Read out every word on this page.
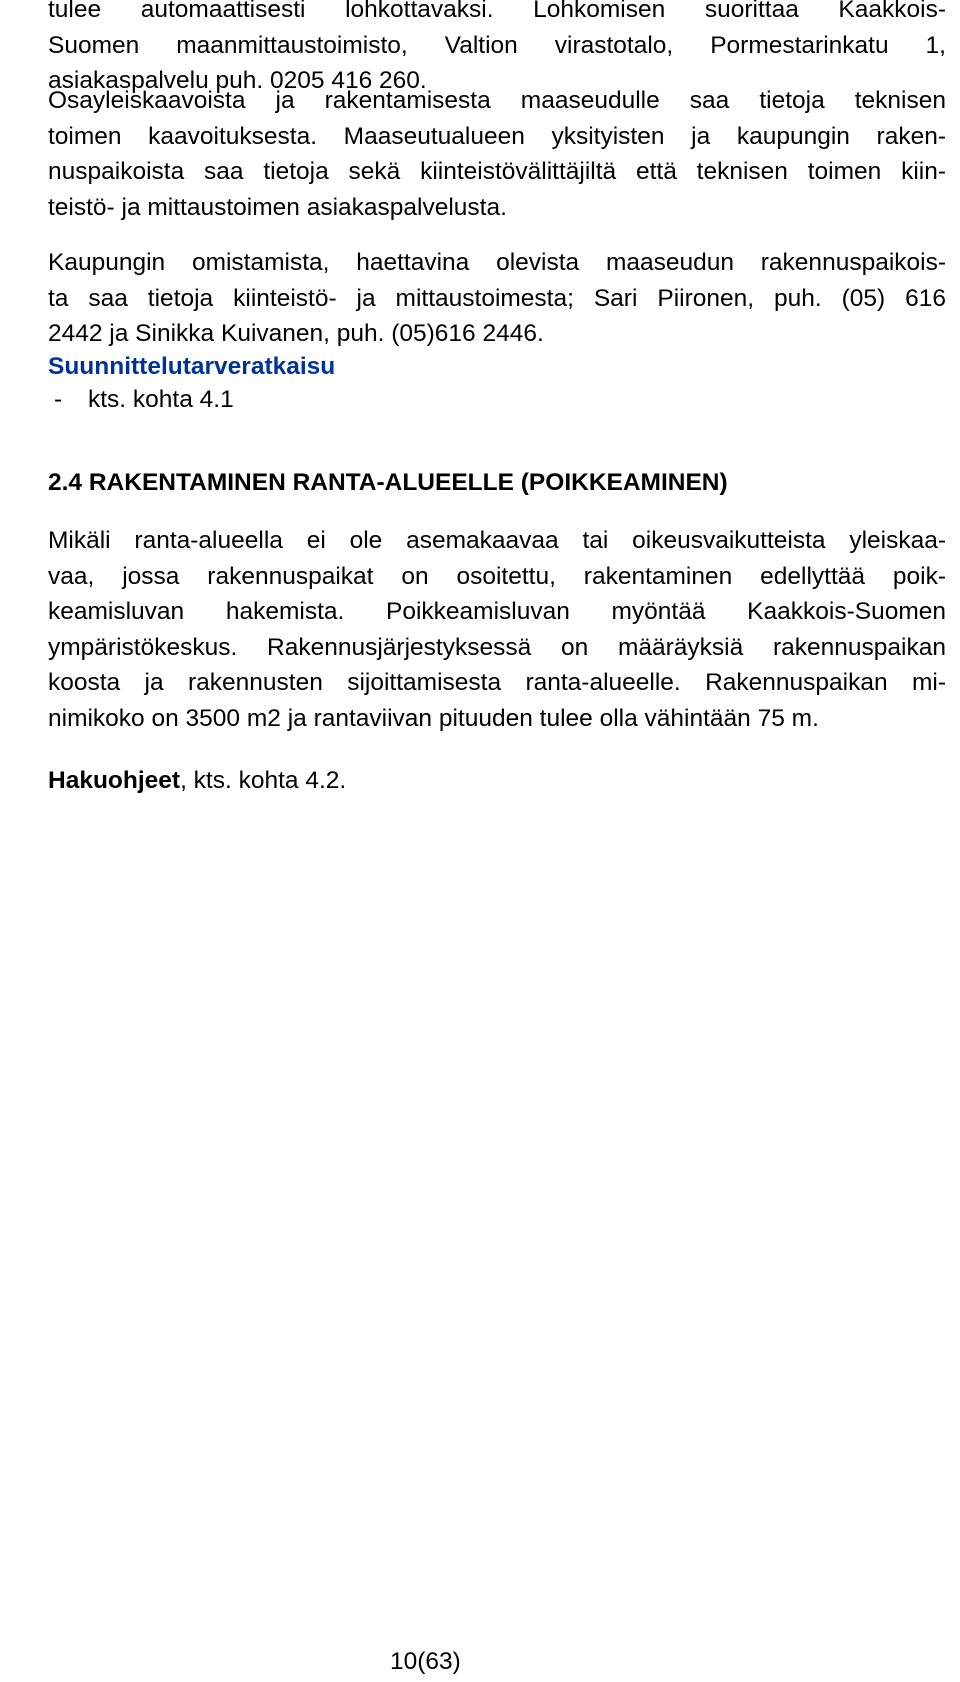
tulee automaattisesti lohkottavaksi. Lohkomisen suorittaa Kaakkois-
Suomen maanmittaustoimisto, Valtion virastotalo, Pormestarinkatu 1,
asiakaspalvelu puh. 0205 416 260.
Osayleiskaavoista ja rakentamisesta maaseudulle saa tietoja teknisen
toimen kaavoituksesta. Maaseutualueen yksityisten ja kaupungin raken-
nuspaikoista saa tietoja sekä kiinteistövälittäjiltä että teknisen toimen kiin-
teistö- ja mittaustoimen asiakaspalvelusta.
Kaupungin omistamista, haettavina olevista maaseudun rakennuspaikois-
ta saa tietoja kiinteistö- ja mittaustoimesta; Sari Piironen, puh. (05) 616
2442 ja Sinikka Kuivanen, puh. (05)616 2446.
Suunnittelutarveratkaisu
- kts. kohta 4.1
2.4 RAKENTAMINEN RANTA-ALUEELLE (POIKKEAMINEN)
Mikäli ranta-alueella ei ole asemakaavaa tai oikeusvaikutteista yleiskaa-
vaa, jossa rakennuspaikat on osoitettu, rakentaminen edellyttää poik-
keamisluvan hakemista. Poikkeamisluvan myöntää Kaakkois-Suomen
ympäristökeskus. Rakennusjärjestyksessä on määräyksiä rakennuspaikan
koosta ja rakennusten sijoittamisesta ranta-alueelle. Rakennuspaikan mi-
nimikoko on 3500 m2 ja rantaviivan pituuden tulee olla vähintään 75 m.
Hakuohjeet, kts. kohta 4.2.
10(63)
